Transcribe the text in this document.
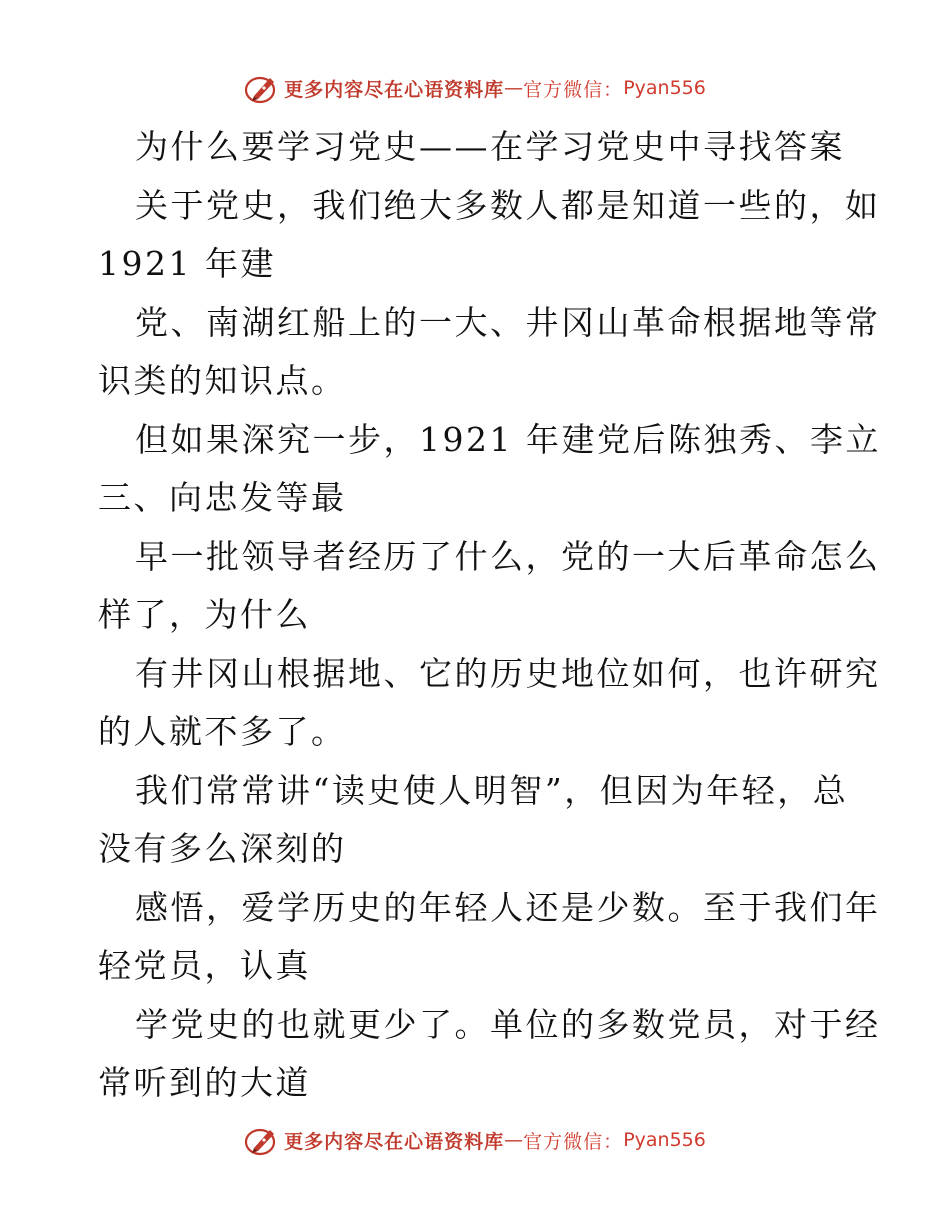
更多内容尽在心语资料库 — 官方微信： Pyan556
为什么要学习党史——在学习党史中寻找答案
关于党史，我们绝大多数人都是知道一些的，如
1921 年建
党、南湖红船上的一大、井冈山革命根据地等常
识类的知识点。
但如果深究一步，1921 年建党后陈独秀、李立
三、向忠发等最
早一批领导者经历了什么，党的一大后革命怎么
样了，为什么
有井冈山根据地、它的历史地位如何，也许研究
的人就不多了。
我们常常讲“读史使人明智”，但因为年轻，总
没有多么深刻的
感悟，爱学历史的年轻人还是少数。至于我们年
轻党员，认真
学党史的也就更少了。单位的多数党员，对于经
常听到的大道
更多内容尽在心语资料库 — 官方微信： Pyan556
